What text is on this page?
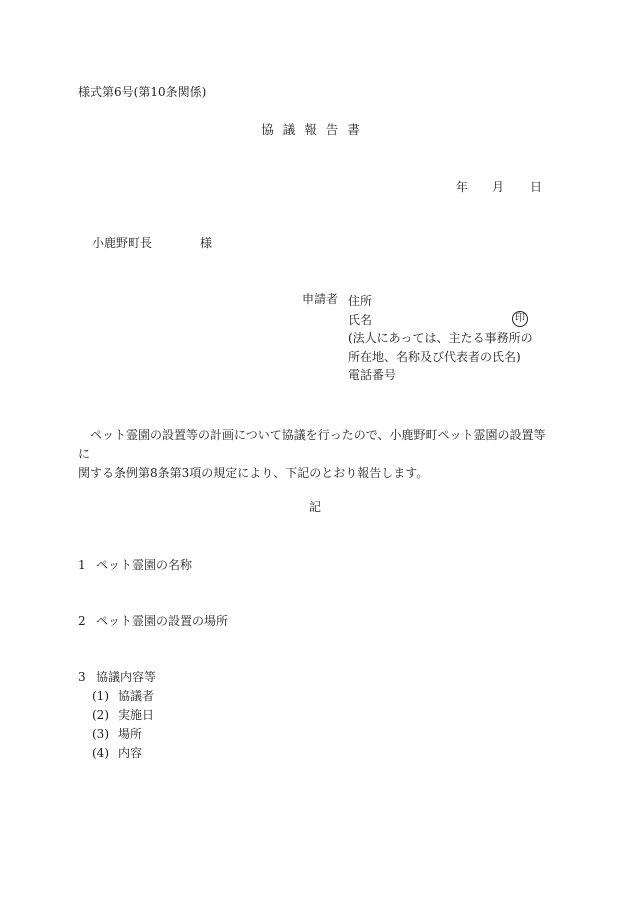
様式第6号(第10条関係)
協議報告書
年 月 日
小鹿野町長	様
申請者 住所
氏名
(法人にあっては、主たる事務所の
所在地、名称及び代表者の氏名)
電話番号
印

ペット霊園の設置等の計画について協議を行ったので、小鹿野町ペット霊園の設置等に

関する条例第8条第3項の規定により、下記のとおり報告します。

記
1 ペット霊園の名称
2 ペット霊園の設置の場所
3 協議内容等
(1) 協議者
(2) 実施日
(3) 場所
(4) 内容
